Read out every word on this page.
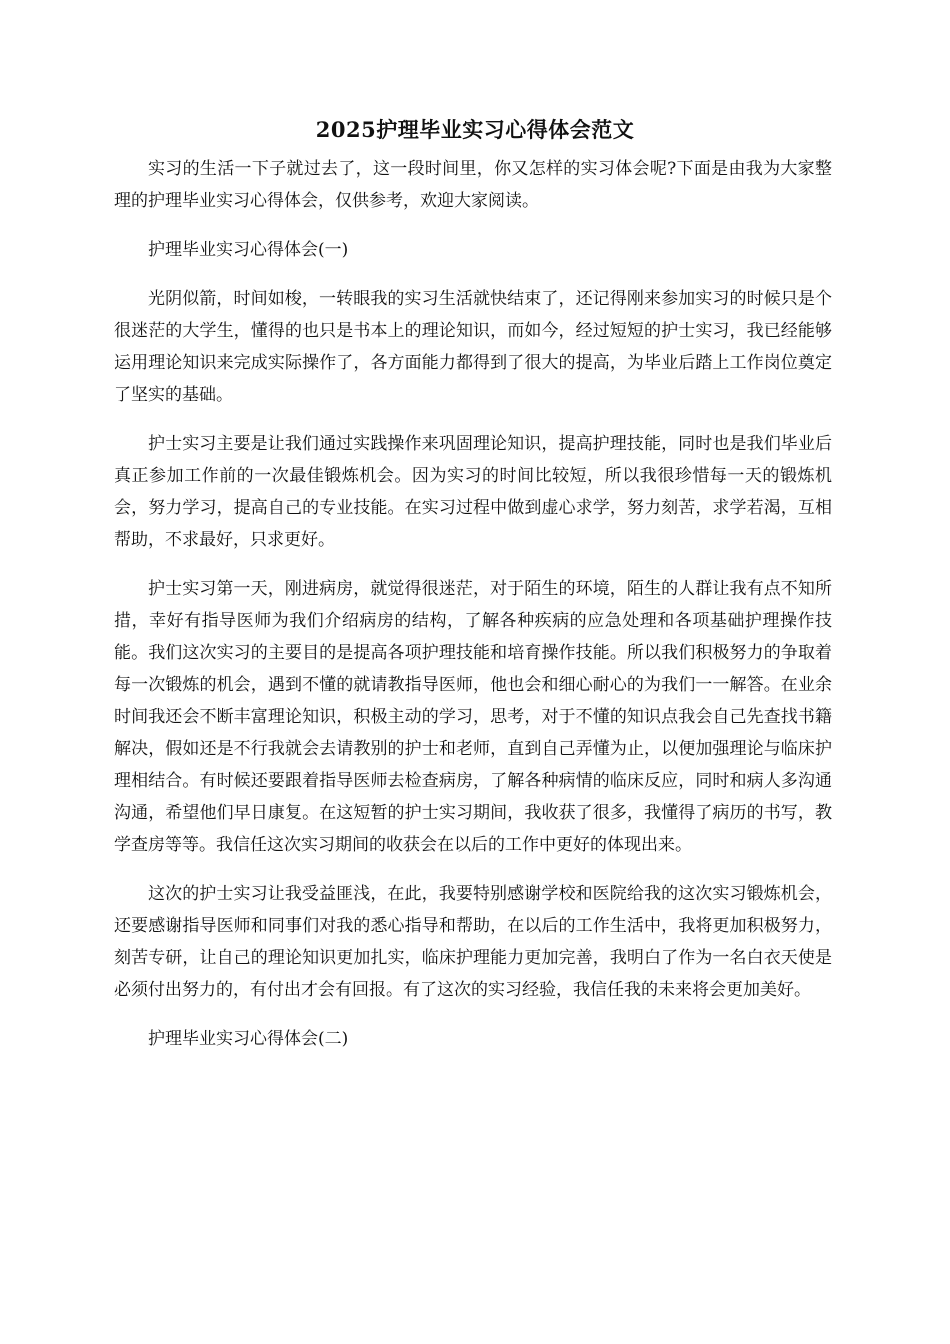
2025护理毕业实习心得体会范文

实习的生活一下子就过去了，这一段时间里，你又怎样的实习体会呢?下面是由我为大家整理的护理毕业实习心得体会，仅供参考，欢迎大家阅读。

护理毕业实习心得体会(一)

光阴似箭，时间如梭，一转眼我的实习生活就快结束了，还记得刚来参加实习的时候只是个很迷茫的大学生，懂得的也只是书本上的理论知识，而如今，经过短短的护士实习，我已经能够运用理论知识来完成实际操作了，各方面能力都得到了很大的提高，为毕业后踏上工作岗位奠定了坚实的基础。

护士实习主要是让我们通过实践操作来巩固理论知识，提高护理技能，同时也是我们毕业后真正参加工作前的一次最佳锻炼机会。因为实习的时间比较短，所以我很珍惜每一天的锻炼机会，努力学习，提高自己的专业技能。在实习过程中做到虚心求学，努力刻苦，求学若渴，互相帮助，不求最好，只求更好。

护士实习第一天，刚进病房，就觉得很迷茫，对于陌生的环境，陌生的人群让我有点不知所措，幸好有指导医师为我们介绍病房的结构，了解各种疾病的应急处理和各项基础护理操作技能。我们这次实习的主要目的是提高各项护理技能和培育操作技能。所以我们积极努力的争取着每一次锻炼的机会，遇到不懂的就请教指导医师，他也会和细心耐心的为我们一一解答。在业余时间我还会不断丰富理论知识，积极主动的学习，思考，对于不懂的知识点我会自己先查找书籍解决，假如还是不行我就会去请教别的护士和老师，直到自己弄懂为止，以便加强理论与临床护理相结合。有时候还要跟着指导医师去检查病房，了解各种病情的临床反应，同时和病人多沟通沟通，希望他们早日康复。在这短暂的护士实习期间，我收获了很多，我懂得了病历的书写，教学查房等等。我信任这次实习期间的收获会在以后的工作中更好的体现出来。

这次的护士实习让我受益匪浅，在此，我要特别感谢学校和医院给我的这次实习锻炼机会，还要感谢指导医师和同事们对我的悉心指导和帮助，在以后的工作生活中，我将更加积极努力，刻苦专研，让自己的理论知识更加扎实，临床护理能力更加完善，我明白了作为一名白衣天使是必须付出努力的，有付出才会有回报。有了这次的实习经验，我信任我的未来将会更加美好。

护理毕业实习心得体会(二)
